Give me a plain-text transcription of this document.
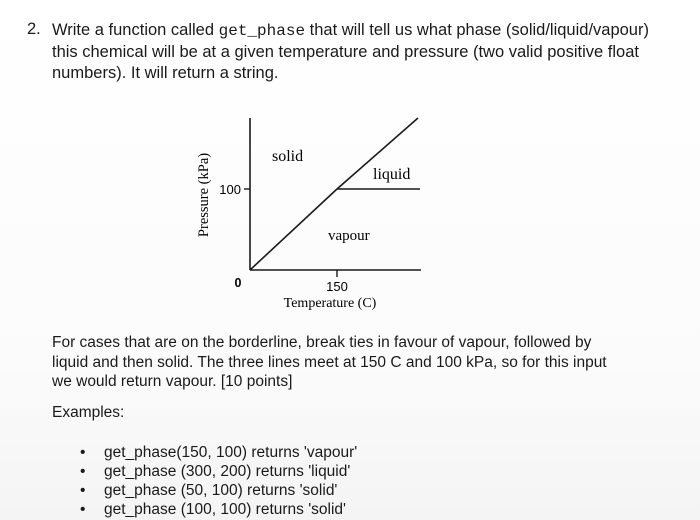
2. Write a function called get_phase that will tell us what phase (solid/liquid/vapour) this chemical will be at a given temperature and pressure (two valid positive float numbers). It will return a string.
solid
liquid
vapour
100
0	150
Temperature (C)
Pressure (kPa)
For cases that are on the borderline, break ties in favour of vapour, followed by liquid and then solid. The three lines meet at 150 C and 100 kPa, so for this input we would return vapour. [10 points]
Examples:
• get_phase(150, 100) returns 'vapour'
• get_phase (300, 200) returns 'liquid'
• get_phase (50, 100) returns 'solid'
• get_phase (100, 100) returns 'solid'
